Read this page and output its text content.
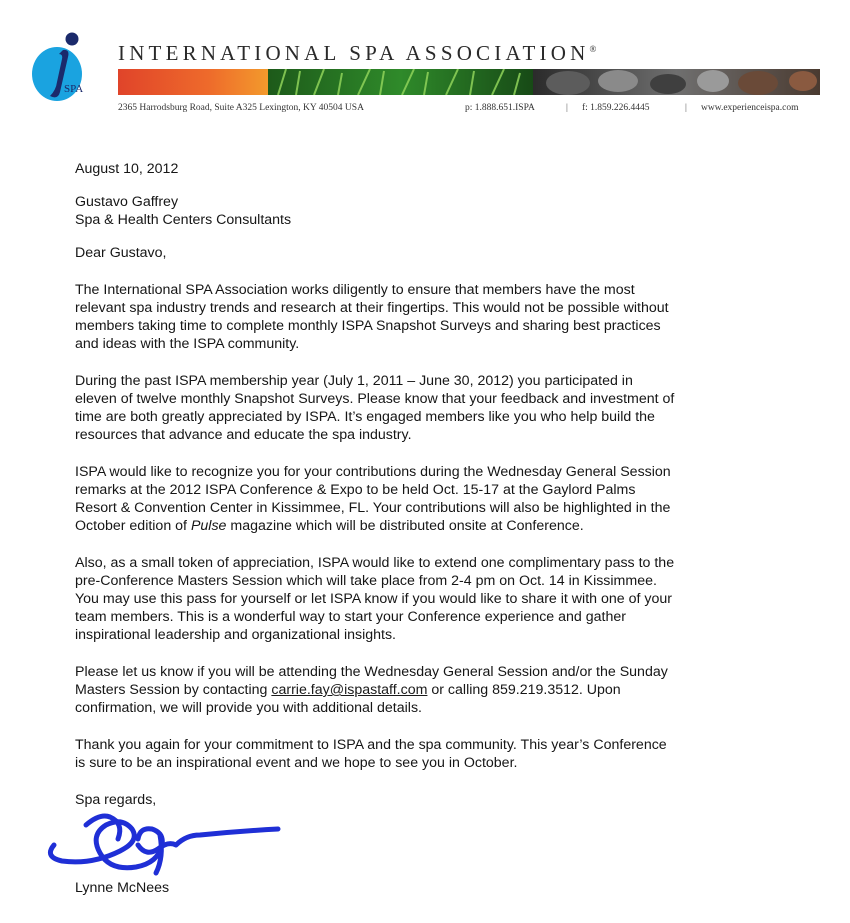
SPA
INTERNATIONAL SPA ASSOCIATION®
2365 Harrodsburg Road, Suite A325 Lexington, KY 40504 USA	p: 1.888.651.ISPA	| f: 1.859.226.4445	| www.experienceispa.com

August 10, 2012

Gustavo Gaffrey

Spa & Health Centers Consultants

Dear Gustavo,

The International SPA Association works diligently to ensure that members have the most

relevant spa industry trends and research at their fingertips. This would not be possible without

members taking time to complete monthly ISPA Snapshot Surveys and sharing best practices

and ideas with the ISPA community.

During the past ISPA membership year (July 1, 2011 – June 30, 2012) you participated in

eleven of twelve monthly Snapshot Surveys. Please know that your feedback and investment of

time are both greatly appreciated by ISPA. It’s engaged members like you who help build the

resources that advance and educate the spa industry.

ISPA would like to recognize you for your contributions during the Wednesday General Session

remarks at the 2012 ISPA Conference & Expo to be held Oct. 15-17 at the Gaylord Palms

Resort & Convention Center in Kissimmee, FL. Your contributions will also be highlighted in the

October edition of Pulse magazine which will be distributed onsite at Conference.

Also, as a small token of appreciation, ISPA would like to extend one complimentary pass to the

pre-Conference Masters Session which will take place from 2-4 pm on Oct. 14 in Kissimmee.

You may use this pass for yourself or let ISPA know if you would like to share it with one of your

team members. This is a wonderful way to start your Conference experience and gather

inspirational leadership and organizational insights.

Please let us know if you will be attending the Wednesday General Session and/or the Sunday

Masters Session by contacting carrie.fay@ispastaff.com or calling 859.219.3512. Upon

confirmation, we will provide you with additional details.

Thank you again for your commitment to ISPA and the spa community. This year’s Conference

is sure to be an inspirational event and we hope to see you in October.

Spa regards,

Lynne McNees
